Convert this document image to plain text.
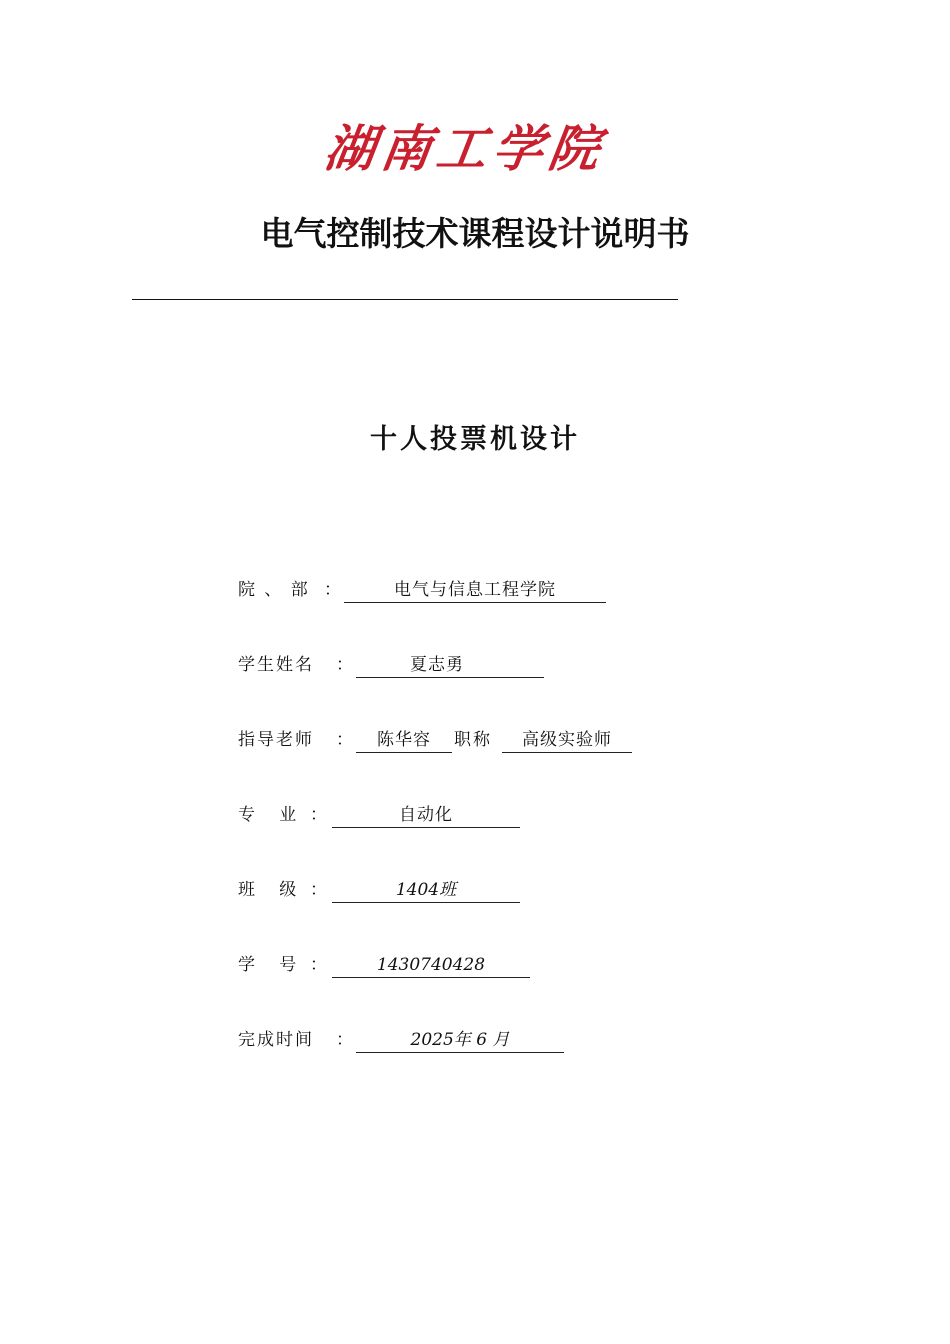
湖南工学院
电气控制技术课程设计说明书
十人投票机设计
院 、 部 ：	电气与信息工程学院
学生姓名 ：	夏志勇
指导老师 ：	陈华容	职称	高级实验师
专   业 ：	自动化
班   级 ：	1404班
学   号 ：	1430740428
完成时间 ：	2025年 6 月
